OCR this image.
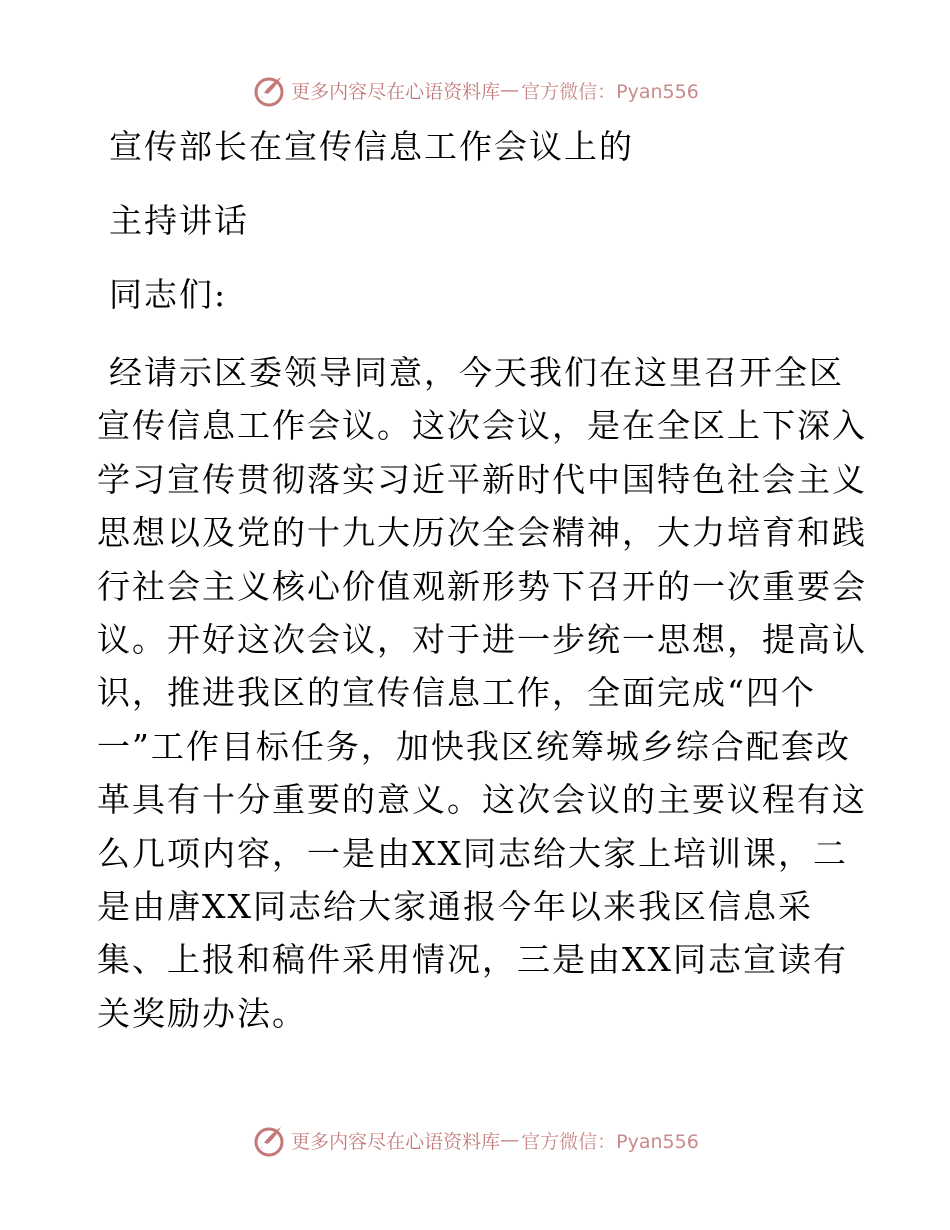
更多内容尽在心语资料库 — 官方微信：Pyan556
宣传部长在宣传信息工作会议上的
主持讲话
同志们:
经请示区委领导同意，今天我们在这里召开全区
宣传信息工作会议。这次会议，是在全区上下深入
学习宣传贯彻落实习近平新时代中国特色社会主义
思想以及党的十九大历次全会精神，大力培育和践
行社会主义核心价值观新形势下召开的一次重要会
议。开好这次会议，对于进一步统一思想，提高认
识，推进我区的宣传信息工作，全面完成“四个
一”工作目标任务，加快我区统筹城乡综合配套改
革具有十分重要的意义。这次会议的主要议程有这
么几项内容，一是由XX同志给大家上培训课，二
是由唐XX同志给大家通报今年以来我区信息采
集、上报和稿件采用情况，三是由XX同志宣读有
关奖励办法。
更多内容尽在心语资料库 — 官方微信：Pyan556
